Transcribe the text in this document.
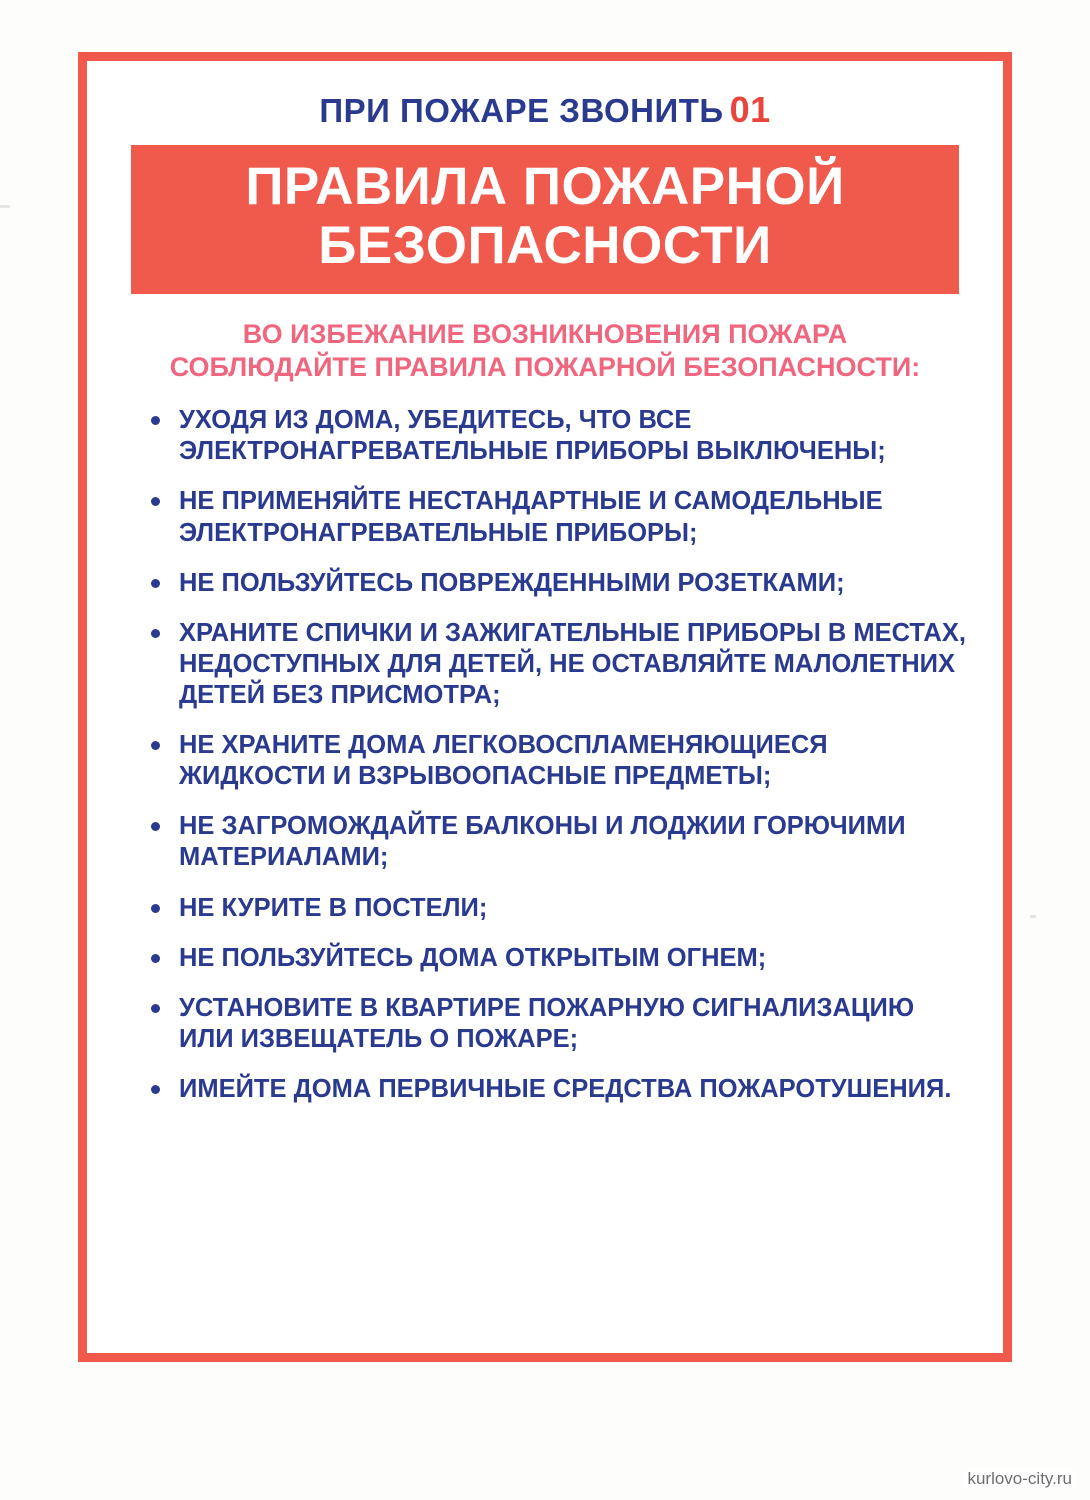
ПРИ ПОЖАРЕ ЗВОНИТЬ 01
ПРАВИЛА ПОЖАРНОЙ
БЕЗОПАСНОСТИ
ВО ИЗБЕЖАНИЕ ВОЗНИКНОВЕНИЯ ПОЖАРА СОБЛЮДАЙТЕ ПРАВИЛА ПОЖАРНОЙ БЕЗОПАСНОСТИ:
УХОДЯ ИЗ ДОМА, УБЕДИТЕСЬ, ЧТО ВСЕ ЭЛЕКТРОНАГРЕВАТЕЛЬНЫЕ ПРИБОРЫ ВЫКЛЮЧЕНЫ;
НЕ ПРИМЕНЯЙТЕ НЕСТАНДАРТНЫЕ И САМОДЕЛЬНЫЕ ЭЛЕКТРОНАГРЕВАТЕЛЬНЫЕ ПРИБОРЫ;
НЕ ПОЛЬЗУЙТЕСЬ ПОВРЕЖДЕННЫМИ РОЗЕТКАМИ;
ХРАНИТЕ СПИЧКИ И ЗАЖИГАТЕЛЬНЫЕ ПРИБОРЫ В МЕСТАХ, НЕДОСТУПНЫХ ДЛЯ ДЕТЕЙ, НЕ ОСТАВЛЯЙТЕ МАЛОЛЕТНИХ ДЕТЕЙ БЕЗ ПРИСМОТРА;
НЕ ХРАНИТЕ ДОМА ЛЕГКОВОСПЛАМЕНЯЮЩИЕСЯ ЖИДКОСТИ И ВЗРЫВООПАСНЫЕ ПРЕДМЕТЫ;
НЕ ЗАГРОМОЖДАЙТЕ БАЛКОНЫ И ЛОДЖИИ ГОРЮЧИМИ МАТЕРИАЛАМИ;
НЕ КУРИТЕ В ПОСТЕЛИ;
НЕ ПОЛЬЗУЙТЕСЬ ДОМА ОТКРЫТЫМ ОГНЕМ;
УСТАНОВИТЕ В КВАРТИРЕ ПОЖАРНУЮ СИГНАЛИЗАЦИЮ ИЛИ ИЗВЕЩАТЕЛЬ О ПОЖАРЕ;
ИМЕЙТЕ ДОМА ПЕРВИЧНЫЕ СРЕДСТВА ПОЖАРОТУШЕНИЯ.
kurlovo-city.ru
